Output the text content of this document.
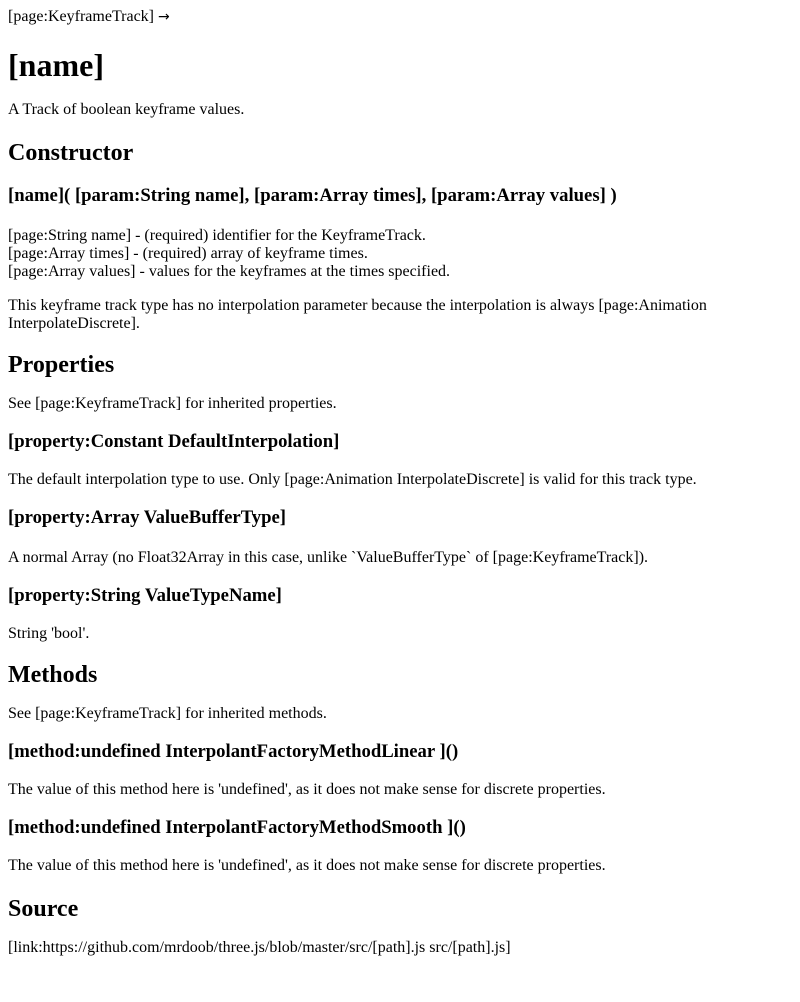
[page:KeyframeTrack] →

[name]

A Track of boolean keyframe values.

Constructor
[name]( [param:String name], [param:Array times], [param:Array values] )

[page:String name] - (required) identifier for the KeyframeTrack.

[page:Array times] - (required) array of keyframe times.

[page:Array values] - values for the keyframes at the times specified.

This keyframe track type has no interpolation parameter because the interpolation is always [page:Animation InterpolateDiscrete].

Properties

See [page:KeyframeTrack] for inherited properties.

[property:Constant DefaultInterpolation]

The default interpolation type to use. Only [page:Animation InterpolateDiscrete] is valid for this track type.

[property:Array ValueBufferType]

A normal Array (no Float32Array in this case, unlike `ValueBufferType` of [page:KeyframeTrack]).

[property:String ValueTypeName]

String 'bool'.

Methods

See [page:KeyframeTrack] for inherited methods.

[method:undefined InterpolantFactoryMethodLinear ]()

The value of this method here is 'undefined', as it does not make sense for discrete properties.

[method:undefined InterpolantFactoryMethodSmooth ]()

The value of this method here is 'undefined', as it does not make sense for discrete properties.

Source

[link:https://github.com/mrdoob/three.js/blob/master/src/[path].js src/[path].js]
